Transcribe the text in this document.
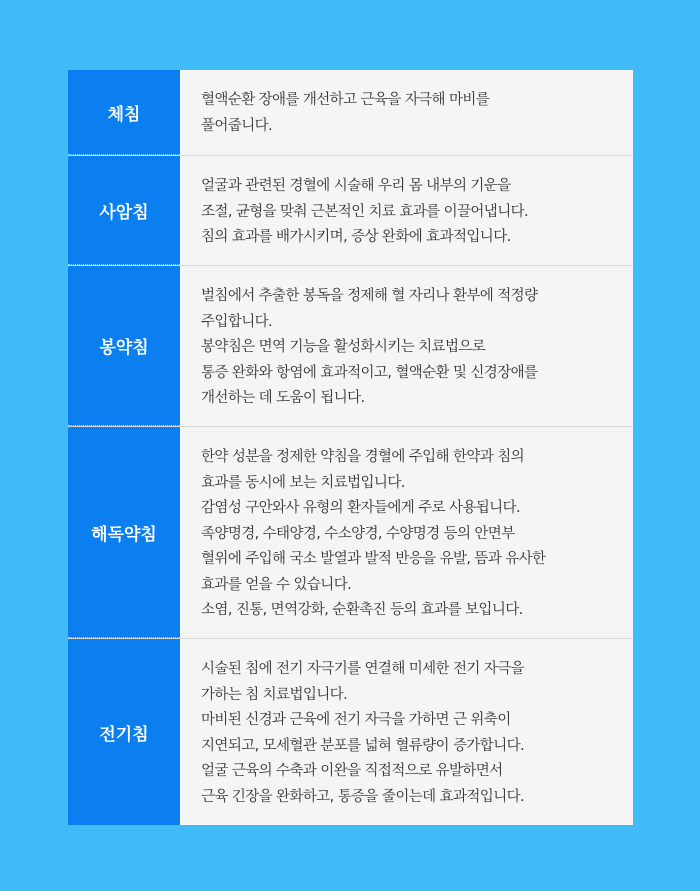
체침
혈액순환 장애를 개선하고 근육을 자극해 마비를
풀어줍니다.
사암침
얼굴과 관련된 경혈에 시술해 우리 몸 내부의 기운을
조절, 균형을 맞춰 근본적인 치료 효과를 이끌어냅니다.
침의 효과를 배가시키며, 증상 완화에 효과적입니다.
봉약침
벌침에서 추출한 봉독을 정제해 혈 자리나 환부에 적정량
주입합니다.
봉약침은 면역 기능을 활성화시키는 치료법으로
통증 완화와 항염에 효과적이고, 혈액순환 및 신경장애를
개선하는 데 도움이 됩니다.
해독약침
한약 성분을 정제한 약침을 경혈에 주입해 한약과 침의
효과를 동시에 보는 치료법입니다.
감염성 구안와사 유형의 환자들에게 주로 사용됩니다.
족양명경, 수태양경, 수소양경, 수양명경 등의 안면부
혈위에 주입해 국소 발열과 발적 반응을 유발, 뜸과 유사한
효과를 얻을 수 있습니다.
소염, 진통, 면역강화, 순환촉진 등의 효과를 보입니다.
전기침
시술된 침에 전기 자극기를 연결해 미세한 전기 자극을
가하는 침 치료법입니다.
마비된 신경과 근육에 전기 자극을 가하면 근 위축이
지연되고, 모세혈관 분포를 넓혀 혈류량이 증가합니다.
얼굴 근육의 수축과 이완을 직접적으로 유발하면서
근육 긴장을 완화하고, 통증을 줄이는데 효과적입니다.
